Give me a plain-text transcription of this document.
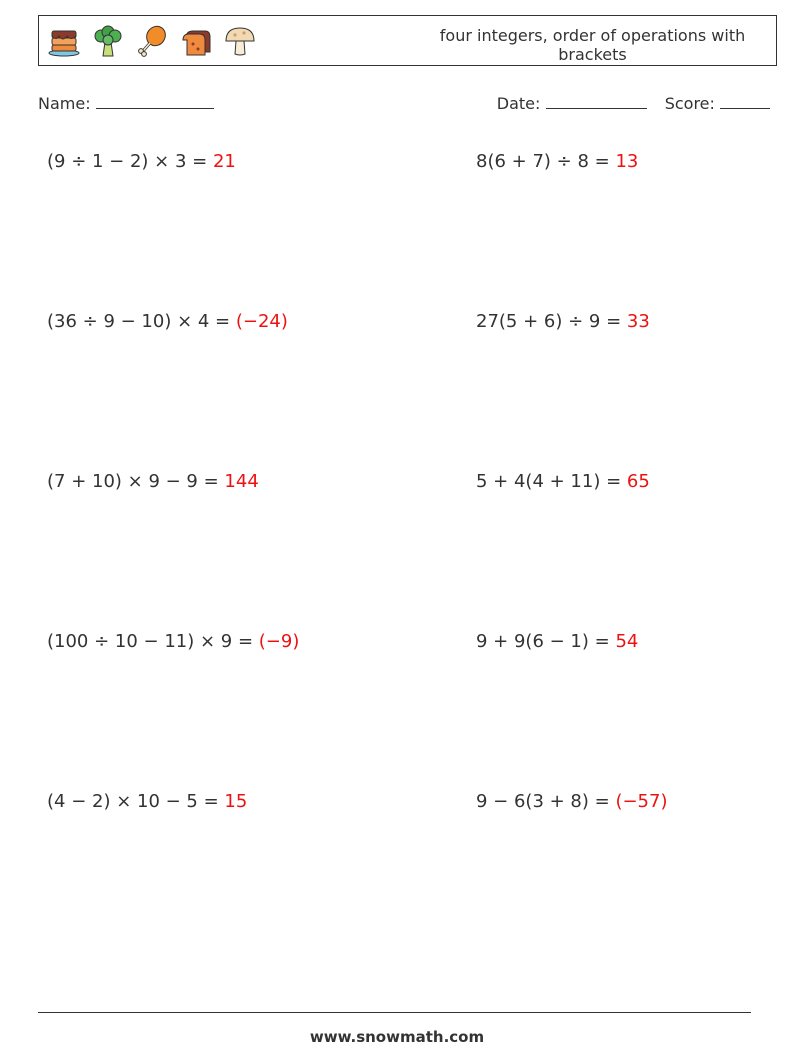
four integers, order of operations with brackets
Name:	Date:	Score:
(9 ÷ 1 − 2) × 3 = 21	8(6 + 7) ÷ 8 = 13
(36 ÷ 9 − 10) × 4 = (−24)	27(5 + 6) ÷ 9 = 33
(7 + 10) × 9 − 9 = 144	5 + 4(4 + 11) = 65
(100 ÷ 10 − 11) × 9 = (−9)	9 + 9(6 − 1) = 54
(4 − 2) × 10 − 5 = 15	9 − 6(3 + 8) = (−57)
www.snowmath.com
